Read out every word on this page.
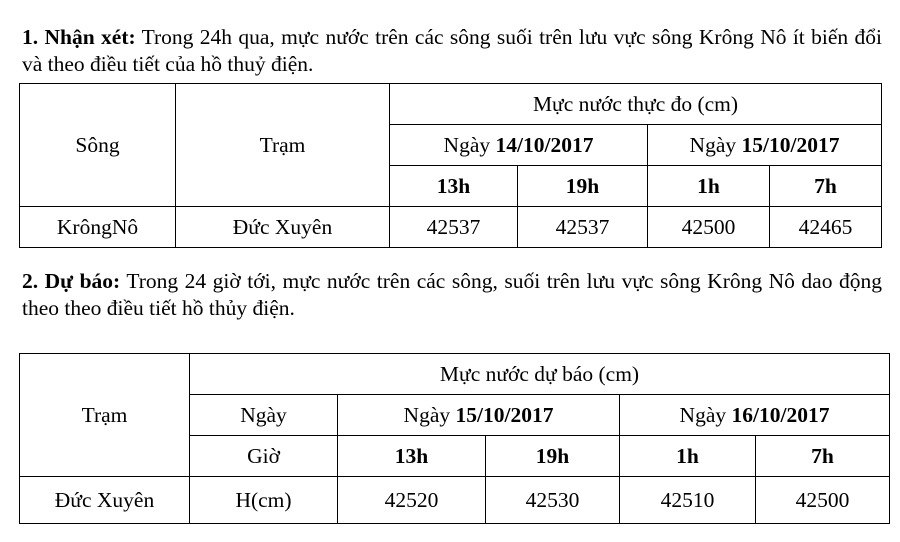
1. Nhận xét: Trong 24h qua, mực nước trên các sông suối trên lưu vực sông Krông Nô ít biến đổi và theo điều tiết của hồ thuỷ điện.
Sông	Trạm	Mực nước thực đo (cm)			
		Ngày 14/10/2017		Ngày 15/10/2017	
		13h	19h	1h	7h
KrôngNô	Đức Xuyên	42537	42537	42500	42465
2. Dự báo: Trong 24 giờ tới, mực nước trên các sông, suối trên lưu vực sông Krông Nô dao động theo theo điều tiết hồ thủy điện.
Trạm	Mực nước dự báo (cm)				
	Ngày	Ngày 15/10/2017		Ngày 16/10/2017	
	Giờ	13h	19h	1h	7h
Đức Xuyên	H(cm)	42520	42530	42510	42500
